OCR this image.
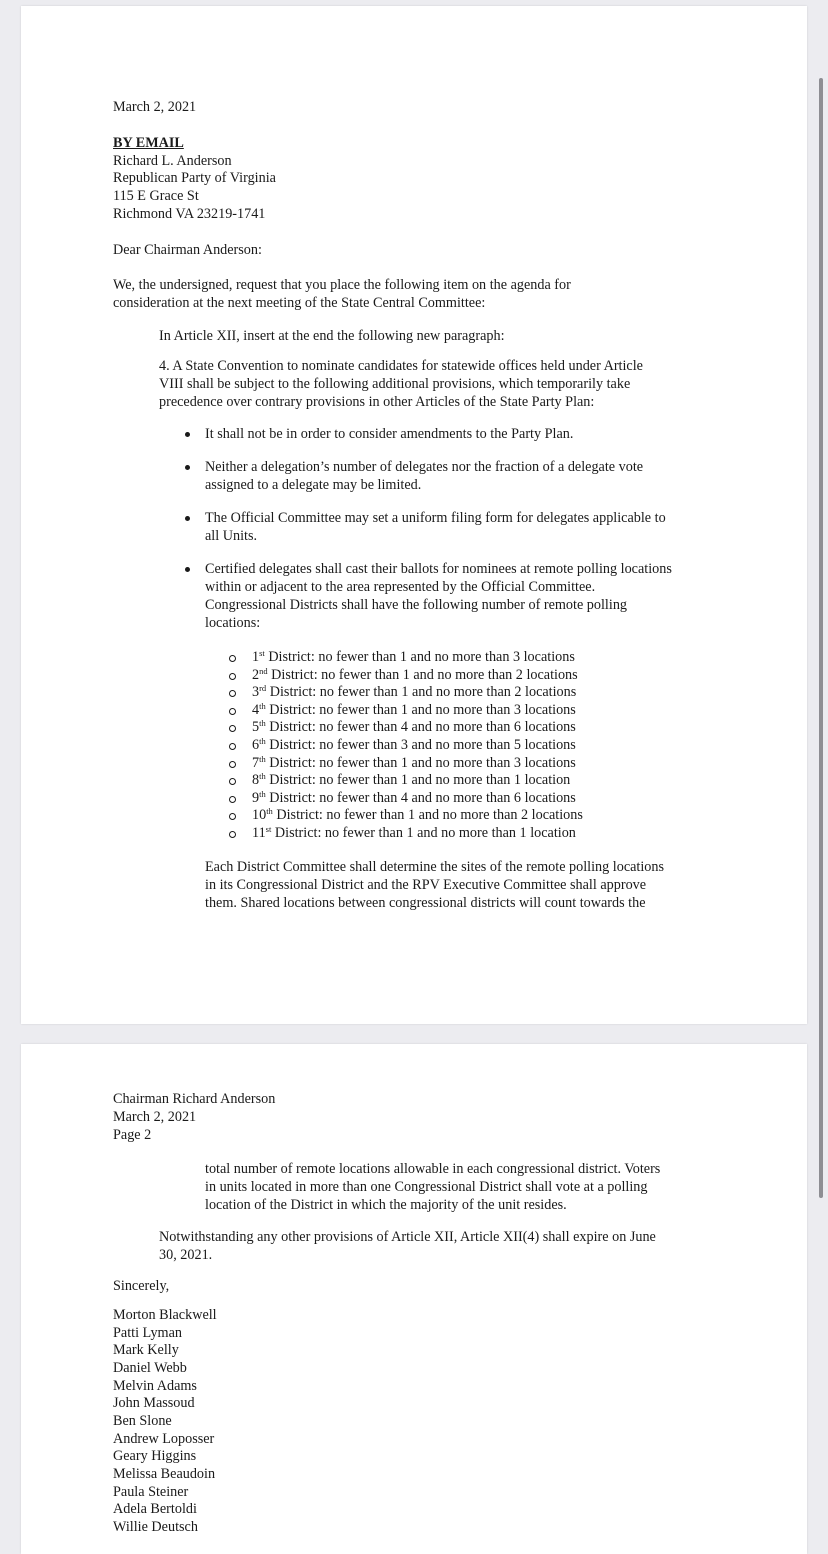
March 2, 2021

BY EMAIL

Richard L. Anderson

Republican Party of Virginia

115 E Grace St

Richmond VA 23219-1741

Dear Chairman Anderson:

We, the undersigned, request that you place the following item on the agenda for

consideration at the next meeting of the State Central Committee:

In Article XII, insert at the end the following new paragraph:

4. A State Convention to nominate candidates for statewide offices held under Article

VIII shall be subject to the following additional provisions, which temporarily take

precedence over contrary provisions in other Articles of the State Party Plan:

It shall not be in order to consider amendments to the Party Plan.

Neither a delegation’s number of delegates nor the fraction of a delegate vote

assigned to a delegate may be limited.

The Official Committee may set a uniform filing form for delegates applicable to

all Units.

Certified delegates shall cast their ballots for nominees at remote polling locations

within or adjacent to the area represented by the Official Committee.

Congressional Districts shall have the following number of remote polling

locations:

1st District: no fewer than 1 and no more than 3 locations

2nd District: no fewer than 1 and no more than 2 locations

3rd District: no fewer than 1 and no more than 2 locations

4th District: no fewer than 1 and no more than 3 locations

5th District: no fewer than 4 and no more than 6 locations

6th District: no fewer than 3 and no more than 5 locations

7th District: no fewer than 1 and no more than 3 locations

8th District: no fewer than 1 and no more than 1 location

9th District: no fewer than 4 and no more than 6 locations

10th District: no fewer than 1 and no more than 2 locations

11st District: no fewer than 1 and no more than 1 location

Each District Committee shall determine the sites of the remote polling locations

in its Congressional District and the RPV Executive Committee shall approve

them. Shared locations between congressional districts will count towards the

Chairman Richard Anderson

March 2, 2021

Page 2

total number of remote locations allowable in each congressional district. Voters

in units located in more than one Congressional District shall vote at a polling

location of the District in which the majority of the unit resides.

Notwithstanding any other provisions of Article XII, Article XII(4) shall expire on June

30, 2021.

Sincerely,

Morton Blackwell

Patti Lyman

Mark Kelly

Daniel Webb

Melvin Adams

John Massoud

Ben Slone

Andrew Loposser

Geary Higgins

Melissa Beaudoin

Paula Steiner

Adela Bertoldi

Willie Deutsch
